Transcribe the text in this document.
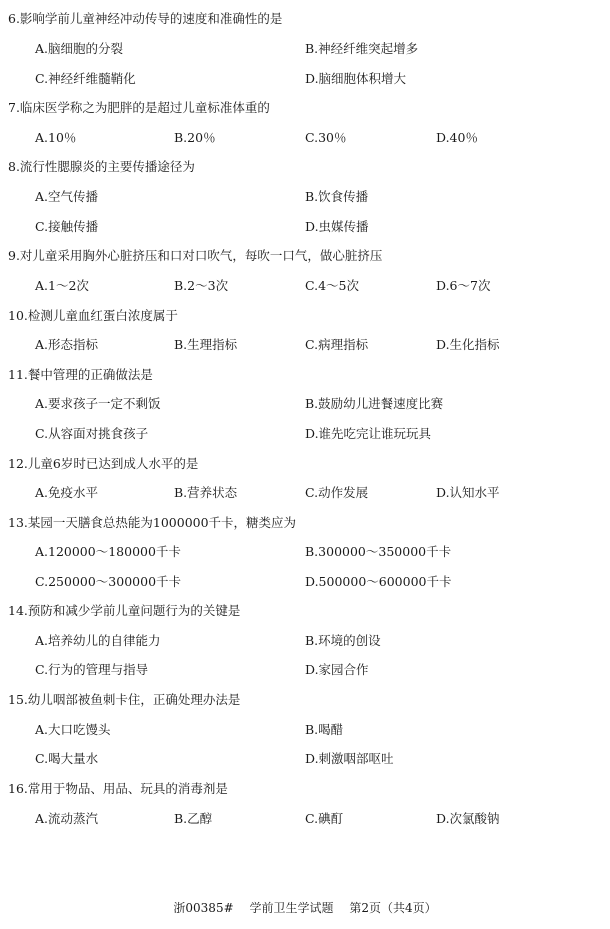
6.影响学前儿童神经冲动传导的速度和准确性的是
A.脑细胞的分裂	B.神经纤维突起增多
C.神经纤维髓鞘化	D.脑细胞体积增大
7.临床医学称之为肥胖的是超过儿童标准体重的
A.10％	B.20％	C.30％	D.40％
8.流行性腮腺炎的主要传播途径为
A.空气传播	B.饮食传播
C.接触传播	D.虫媒传播
9.对儿童采用胸外心脏挤压和口对口吹气，每吹一口气，做心脏挤压
A.1～2次	B.2～3次	C.4～5次	D.6～7次
10.检测儿童血红蛋白浓度属于
A.形态指标	B.生理指标	C.病理指标	D.生化指标
11.餐中管理的正确做法是
A.要求孩子一定不剩饭	B.鼓励幼儿进餐速度比赛
C.从容面对挑食孩子	D.谁先吃完让谁玩玩具
12.儿童6岁时已达到成人水平的是
A.免疫水平	B.营养状态	C.动作发展	D.认知水平
13.某园一天膳食总热能为1000000千卡，糖类应为
A.120000～180000千卡	B.300000～350000千卡
C.250000～300000千卡	D.500000～600000千卡
14.预防和减少学前儿童问题行为的关键是
A.培养幼儿的自律能力	B.环境的创设
C.行为的管理与指导	D.家园合作
15.幼儿咽部被鱼刺卡住，正确处理办法是
A.大口吃馒头	B.喝醋
C.喝大量水	D.刺激咽部呕吐
16.常用于物品、用品、玩具的消毒剂是
A.流动蒸汽	B.乙醇	C.碘酊	D.次氯酸钠
浙00385# 学前卫生学试题 第2页（共4页）
